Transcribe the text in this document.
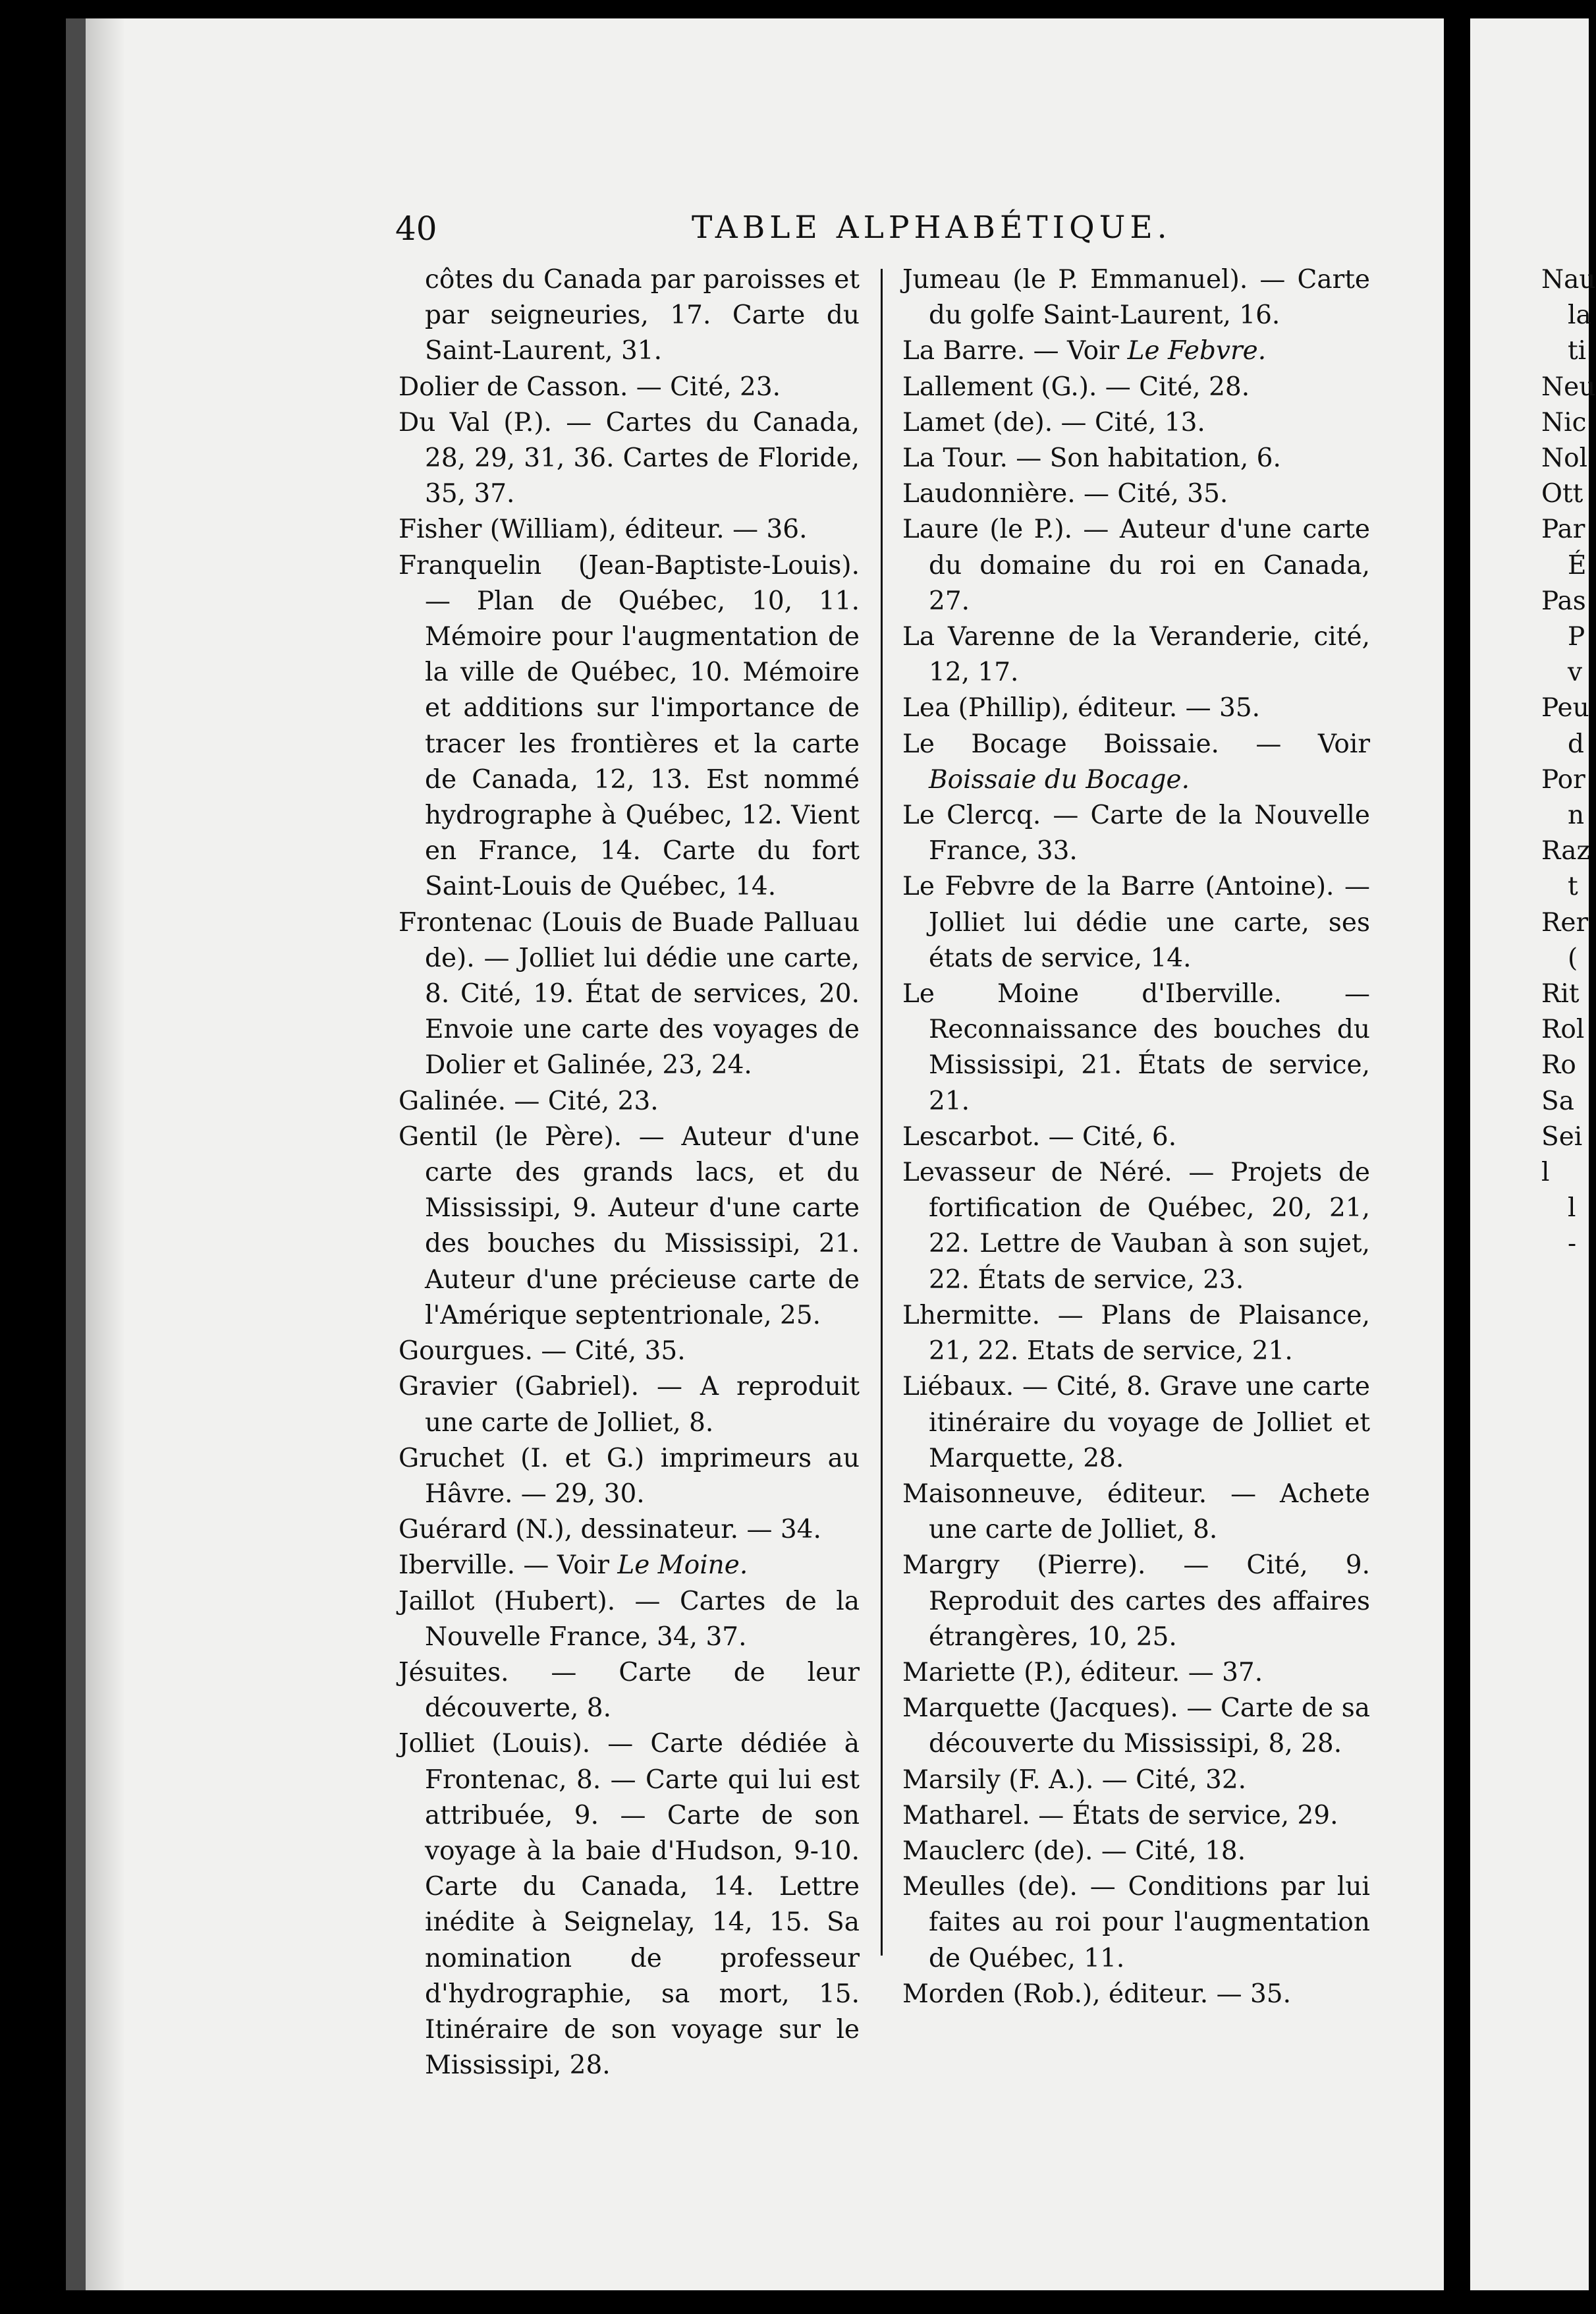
40	TABLE ALPHABÉTIQUE.
côtes du Canada par paroisses et par seigneuries, 17. Carte du Saint-Laurent, 31.
Dolier de Casson. — Cité, 23.
Du Val (P.). — Cartes du Canada, 28, 29, 31, 36. Cartes de Floride, 35, 37.
Fisher (William), éditeur. — 36.
Franquelin (Jean-Baptiste-Louis). — Plan de Québec, 10, 11. Mémoire pour l'augmentation de la ville de Québec, 10. Mémoire et additions sur l'importance de tracer les frontières et la carte de Canada, 12, 13. Est nommé hydrographe à Québec, 12. Vient en France, 14. Carte du fort Saint-Louis de Québec, 14.
Frontenac (Louis de Buade Palluau de). — Jolliet lui dédie une carte, 8. Cité, 19. État de services, 20. Envoie une carte des voyages de Dolier et Galinée, 23, 24.
Galinée. — Cité, 23.
Gentil (le Père). — Auteur d'une carte des grands lacs, et du Mississipi, 9. Auteur d'une carte des bouches du Mississipi, 21. Auteur d'une précieuse carte de l'Amérique septentrionale, 25.
Gourgues. — Cité, 35.
Gravier (Gabriel). — A reproduit une carte de Jolliet, 8.
Gruchet (I. et G.) imprimeurs au Hâvre. — 29, 30.
Guérard (N.), dessinateur. — 34.
Iberville. — Voir Le Moine.
Jaillot (Hubert). — Cartes de la Nouvelle France, 34, 37.
Jésuites. — Carte de leur découverte, 8.
Jolliet (Louis). — Carte dédiée à Frontenac, 8. — Carte qui lui est attribuée, 9. — Carte de son voyage à la baie d'Hudson, 9-10. Carte du Canada, 14. Lettre inédite à Seignelay, 14, 15. Sa nomination de professeur d'hydrographie, sa mort, 15. Itinéraire de son voyage sur le Mississipi, 28.
Jumeau (le P. Emmanuel). — Carte du golfe Saint-Laurent, 16.
La Barre. — Voir Le Febvre.
Lallement (G.). — Cité, 28.
Lamet (de). — Cité, 13.
La Tour. — Son habitation, 6.
Laudonnière. — Cité, 35.
Laure (le P.). — Auteur d'une carte du domaine du roi en Canada, 27.
La Varenne de la Veranderie, cité, 12, 17.
Lea (Phillip), éditeur. — 35.
Le Bocage Boissaie. — Voir Boissaie du Bocage.
Le Clercq. — Carte de la Nouvelle France, 33.
Le Febvre de la Barre (Antoine). — Jolliet lui dédie une carte, ses états de service, 14.
Le Moine d'Iberville. — Reconnaissance des bouches du Mississipi, 21. États de service, 21.
Lescarbot. — Cité, 6.
Levasseur de Néré. — Projets de fortification de Québec, 20, 21, 22. Lettre de Vauban à son sujet, 22. États de service, 23.
Lhermitte. — Plans de Plaisance, 21, 22. Etats de service, 21.
Liébaux. — Cité, 8. Grave une carte itinéraire du voyage de Jolliet et Marquette, 28.
Maisonneuve, éditeur. — Achete une carte de Jolliet, 8.
Margry (Pierre). — Cité, 9. Reproduit des cartes des affaires étrangères, 10, 25.
Mariette (P.), éditeur. — 37.
Marquette (Jacques). — Carte de sa découverte du Mississipi, 8, 28.
Marsily (F. A.). — Cité, 32.
Matharel. — États de service, 29.
Mauclerc (de). — Cité, 18.
Meulles (de). — Conditions par lui faites au roi pour l'augmentation de Québec, 11.
Morden (Rob.), éditeur. — 35.
Nau
la
ti
Neu
Nic
Nol
Ott
Par
É
Pas
P
v
Peu
d
Por
n
Raz
t
Rer
(
Rit
Rol
Ro
Sa
Sei
l
l
-
